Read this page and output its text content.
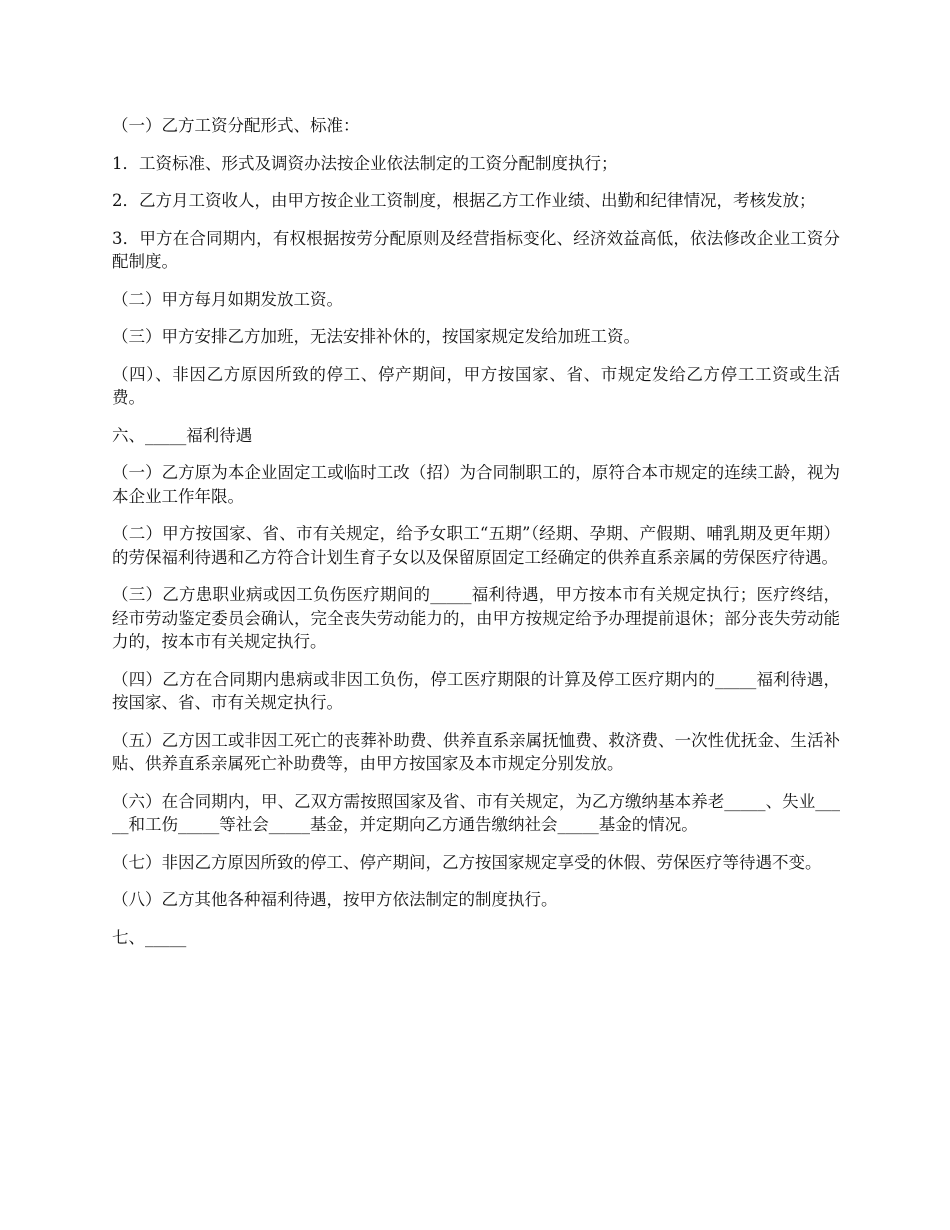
（一）乙方工资分配形式、标准：

1．工资标准、形式及调资办法按企业依法制定的工资分配制度执行；

2．乙方月工资收人，由甲方按企业工资制度，根据乙方工作业绩、出勤和纪律情况，考核发放；

3．甲方在合同期内，有权根据按劳分配原则及经营指标变化、经济效益高低，依法修改企业工资分配制度。

（二）甲方每月如期发放工资。

（三）甲方安排乙方加班，无法安排补休的，按国家规定发给加班工资。

（四）、非因乙方原因所致的停工、停产期间，甲方按国家、省、市规定发给乙方停工工资或生活费。

六、_____福利待遇

（一）乙方原为本企业固定工或临时工改（招）为合同制职工的，原符合本市规定的连续工龄，视为本企业工作年限。

（二）甲方按国家、省、市有关规定，给予女职工“五期”（经期、孕期、产假期、哺乳期及更年期）的劳保福利待遇和乙方符合计划生育子女以及保留原固定工经确定的供养直系亲属的劳保医疗待遇。

（三）乙方患职业病或因工负伤医疗期间的_____福利待遇，甲方按本市有关规定执行；医疗终结，经市劳动鉴定委员会确认，完全丧失劳动能力的，由甲方按规定给予办理提前退休；部分丧失劳动能力的，按本市有关规定执行。

（四）乙方在合同期内患病或非因工负伤，停工医疗期限的计算及停工医疗期内的_____福利待遇，按国家、省、市有关规定执行。

（五）乙方因工或非因工死亡的丧葬补助费、供养直系亲属抚恤费、救济费、一次性优抚金、生活补贴、供养直系亲属死亡补助费等，由甲方按国家及本市规定分别发放。

（六）在合同期内，甲、乙双方需按照国家及省、市有关规定，为乙方缴纳基本养老_____、失业_____和工伤_____等社会_____基金，并定期向乙方通告缴纳社会_____基金的情况。

（七）非因乙方原因所致的停工、停产期间，乙方按国家规定享受的休假、劳保医疗等待遇不变。

（八）乙方其他各种福利待遇，按甲方依法制定的制度执行。

七、_____
